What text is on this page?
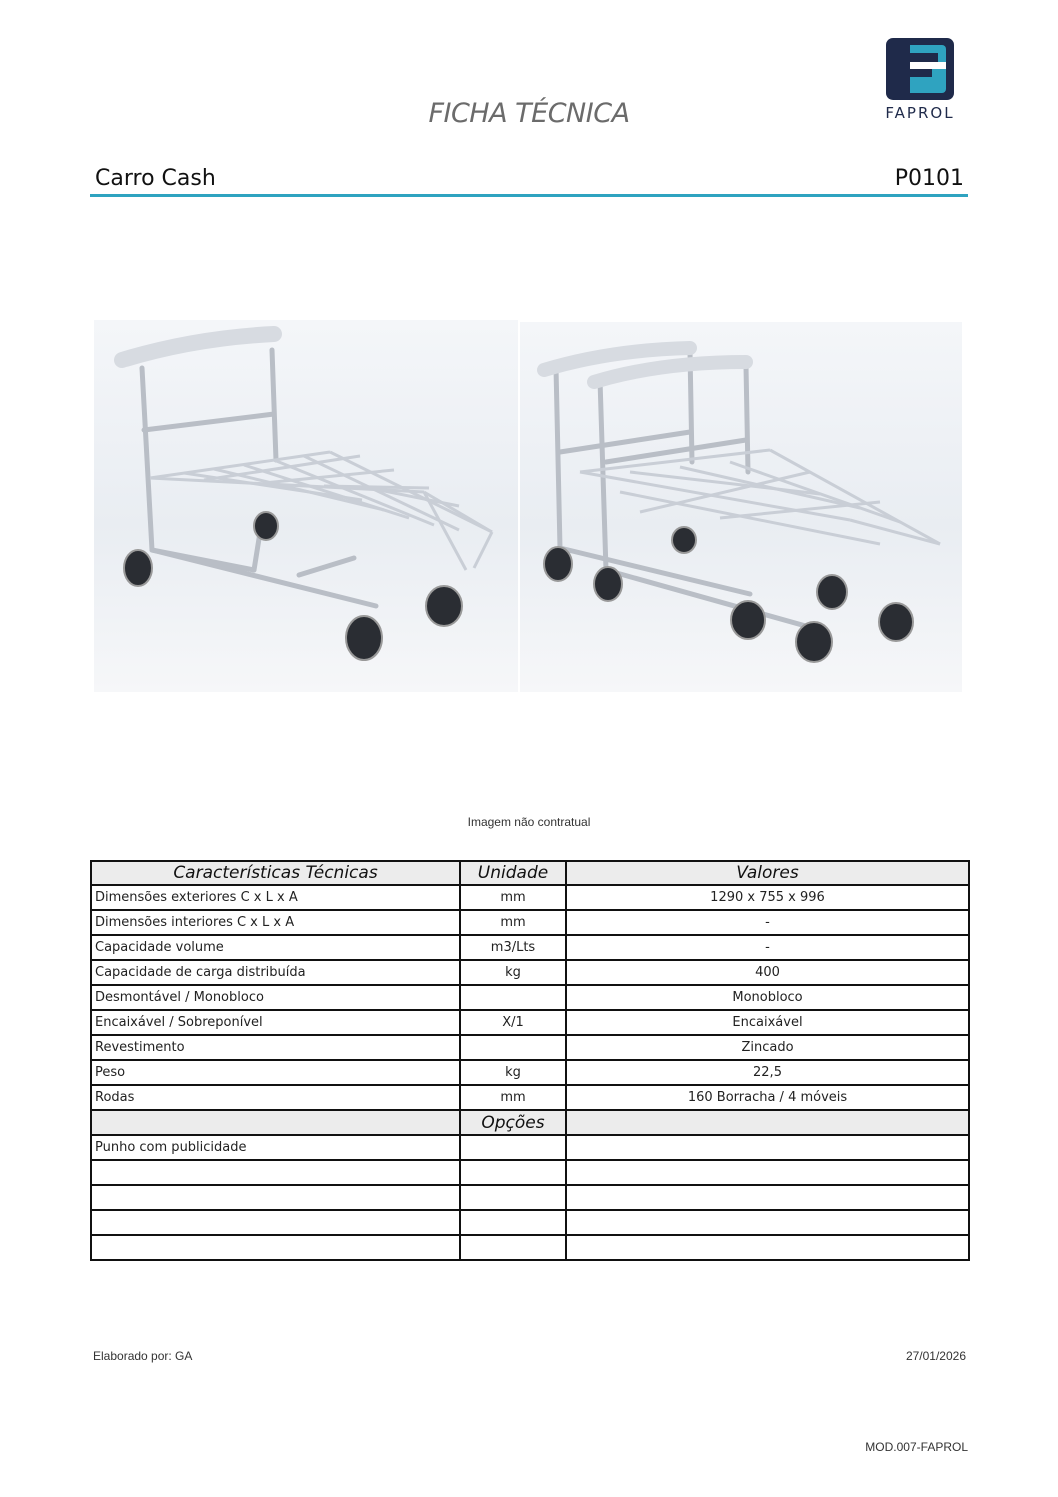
FICHA TÉCNICA	FAPROL
Carro Cash	P0101
Imagem não contratual
Características Técnicas	Unidade	Valores
Dimensões exteriores C x L x A	mm	1290 x 755 x 996
Dimensões interiores C x L x A	mm	-
Capacidade volume	m3/Lts	-
Capacidade de carga distribuída	kg	400
Desmontável / Monobloco		Monobloco
Encaixável / Sobreponível	X/1	Encaixável
Revestimento		Zincado
Peso	kg	22,5
Rodas	mm	160 Borracha / 4 móveis
	Opções	
Punho com publicidade		

Elaborado por: GA	27/01/2026
MOD.007-FAPROL
